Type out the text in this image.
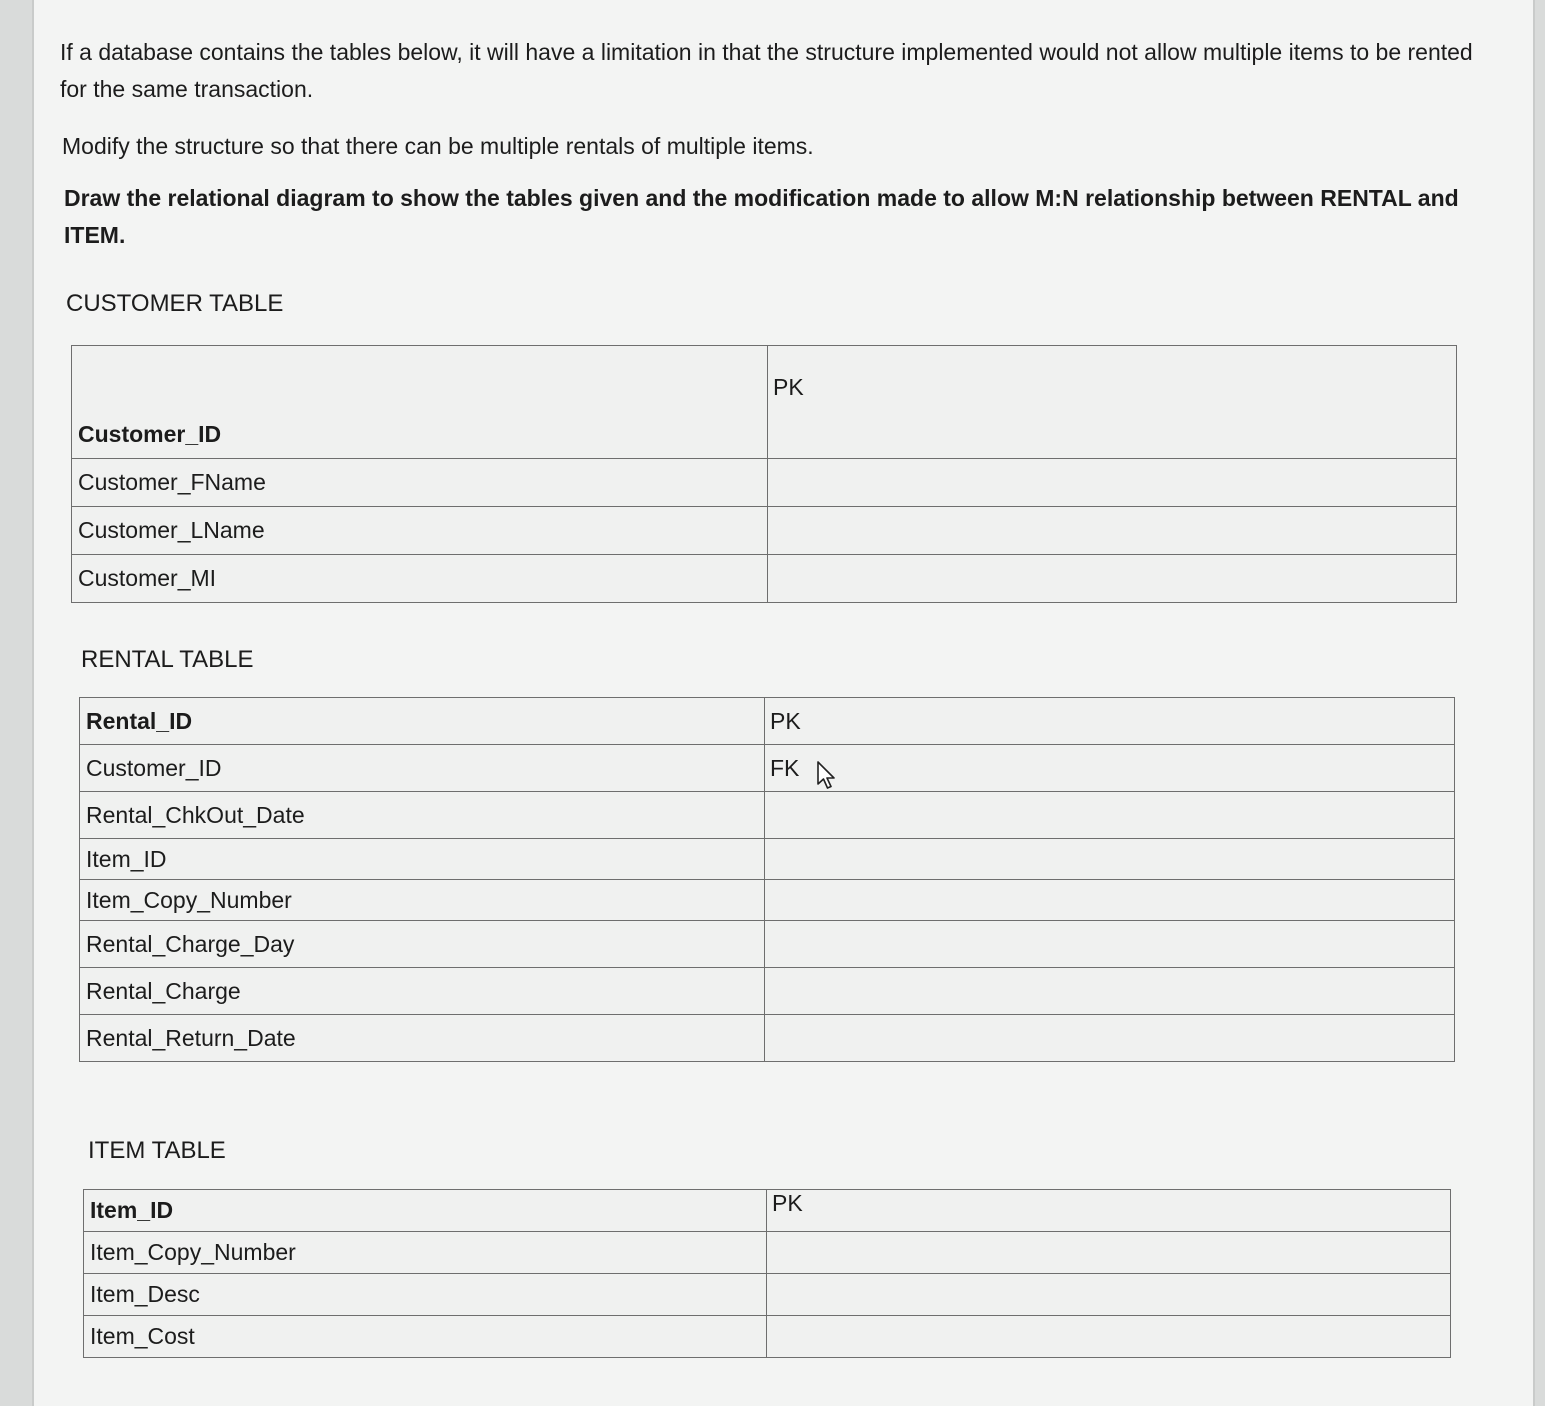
If a database contains the tables below, it will have a limitation in that the structure implemented would not allow multiple items to be rented for the same transaction.

Modify the structure so that there can be multiple rentals of multiple items.

Draw the relational diagram to show the tables given and the modification made to allow M:N relationship between RENTAL and ITEM.

CUSTOMER TABLE
Customer_ID	PK
Customer_FName	
Customer_LName	
Customer_MI	
RENTAL TABLE
Rental_ID	PK
Customer_ID	FK
Rental_ChkOut_Date	
Item_ID	
Item_Copy_Number	
Rental_Charge_Day	
Rental_Charge	
Rental_Return_Date	
ITEM TABLE
Item_ID	PK
Item_Copy_Number	
Item_Desc	
Item_Cost	
